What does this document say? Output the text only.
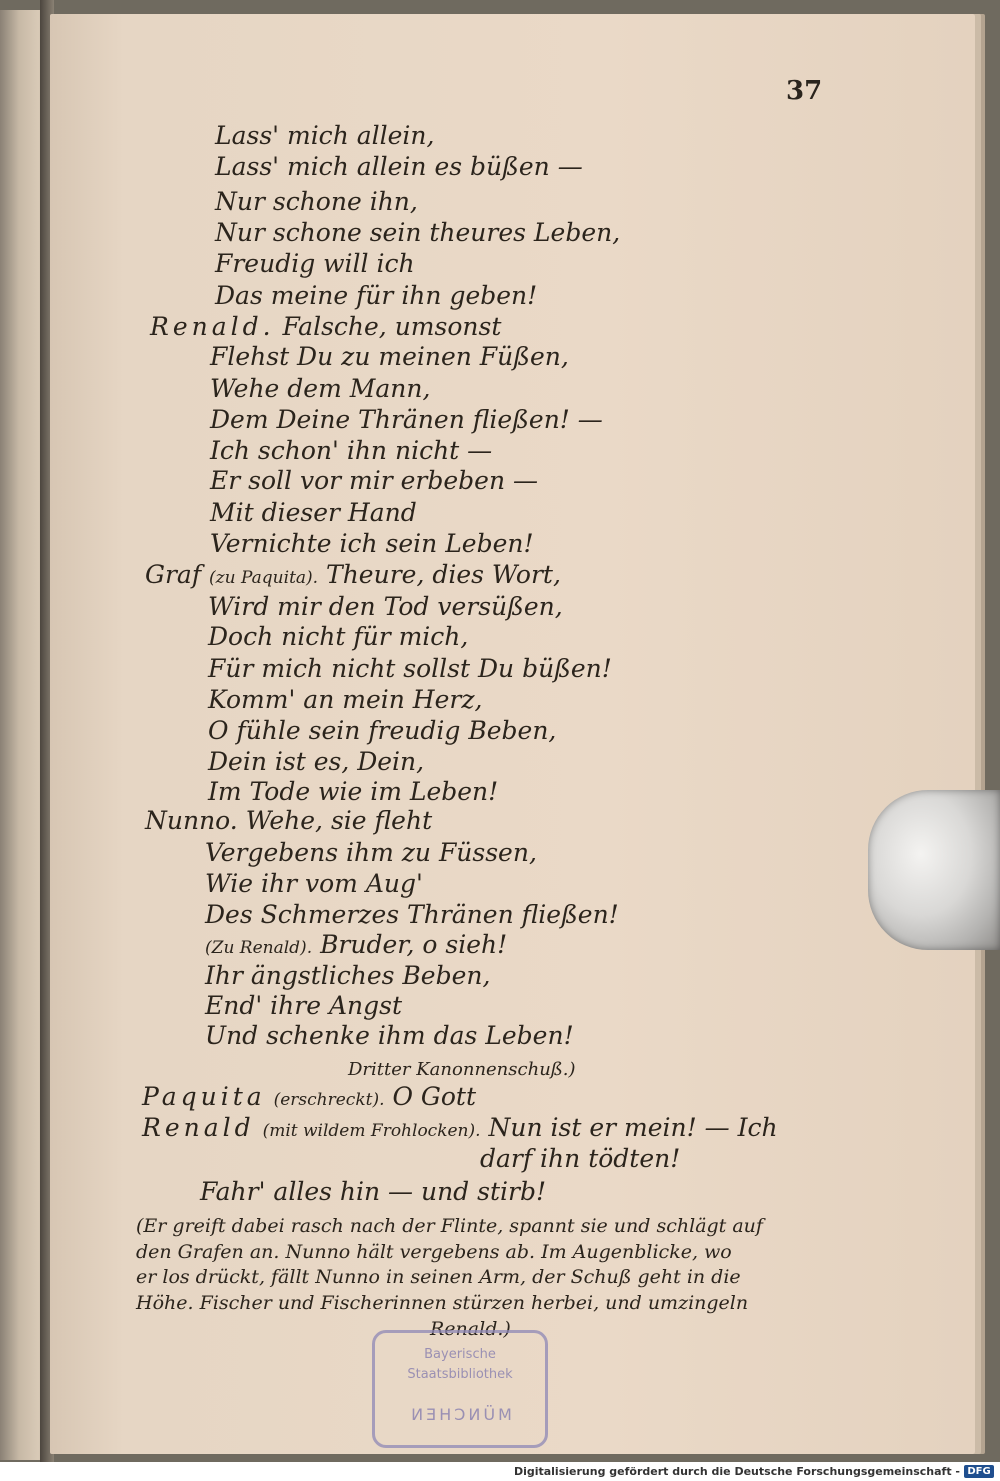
37
Lass' mich allein,
Lass' mich allein es büßen —
Nur schone ihn,
Nur schone sein theures Leben,
Freudig will ich
Das meine für ihn geben!
Renald. Falsche, umsonst
Flehst Du zu meinen Füßen,
Wehe dem Mann,
Dem Deine Thränen fließen! —
Ich schon' ihn nicht —
Er soll vor mir erbeben —
Mit dieser Hand
Vernichte ich sein Leben!
Graf (zu Paquita). Theure, dies Wort,
Wird mir den Tod versüßen,
Doch nicht für mich,
Für mich nicht sollst Du büßen!
Komm' an mein Herz,
O fühle sein freudig Beben,
Dein ist es, Dein,
Im Tode wie im Leben!
Nunno. Wehe, sie fleht
Vergebens ihm zu Füssen,
Wie ihr vom Aug'
Des Schmerzes Thränen fließen!
(Zu Renald). Bruder, o sieh!
Ihr ängstliches Beben,
End' ihre Angst
Und schenke ihm das Leben!
Dritter Kanonnenschuß.)
Paquita (erschreckt). O Gott
Renald (mit wildem Frohlocken). Nun ist er mein! — Ich
darf ihn tödten!
Fahr' alles hin — und stirb!
(Er greift dabei rasch nach der Flinte, spannt sie und schlägt auf
den Grafen an. Nunno hält vergebens ab. Im Augenblicke, wo
er los drückt, fällt Nunno in seinen Arm, der Schuß geht in die
Höhe. Fischer und Fischerinnen stürzen herbei, und umzingeln
Renald.)
Bayerische
Staatsbibliothek
MÜNCHEN
Digitalisierung gefördert durch die Deutsche Forschungsgemeinschaft - DFG
